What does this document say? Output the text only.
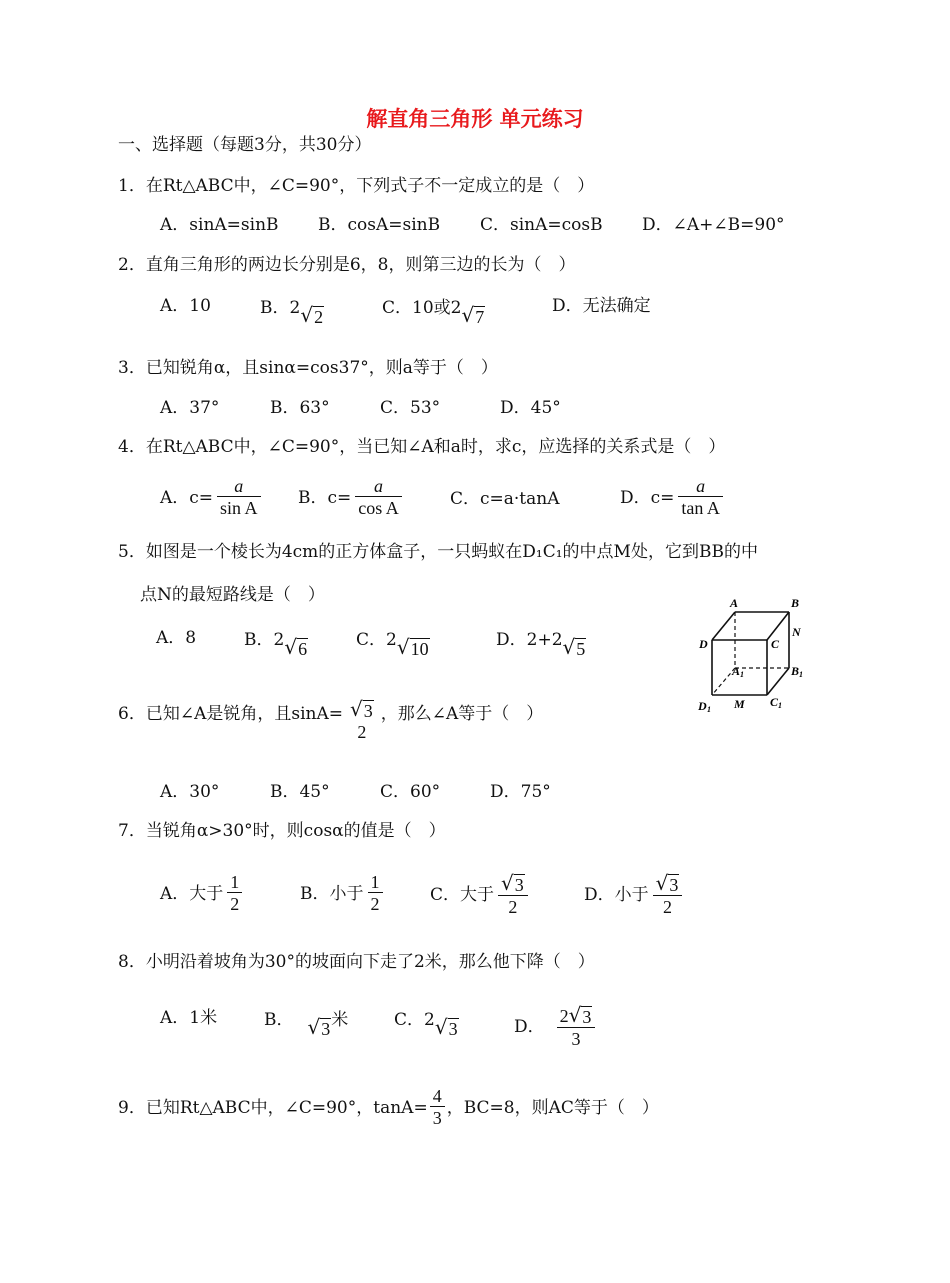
解直角三角形 单元练习
一、选择题（每题3分，共30分）
1．在Rt△ABC中，∠C=90°，下列式子不一定成立的是（　）
A．sinA=sinB B．cosA=sinB C．sinA=cosB D．∠A+∠B=90°
2．直角三角形的两边长分别是6，8，则第三边的长为（　）
A．10	B．2 √ 2	C．10或2 √ 7
D．无法确定
3．已知锐角α，且sinα=cos37°，则a等于（　）
A．37°	B．63°	C．53°	D．45°
4．在Rt△ABC中，∠C=90°，当已知∠A和a时，求c，应选择的关系式是（　）
A．$c= \frac{a}{\text{sin A}}$ B．$c= \frac{a}{\text{cos A}}$	C．c=a·tanA	D．$c= \frac{a}{\text{tan A}}$
5．如图是一个棱长为4cm的正方体盒子，一只蚂蚁在D₁C₁的中点M处，它到BB的中
点N的最短路线是（　）
A．8	B．2 √ 6	C．2 √ 10	D．2+2 √ 5
A	B
C
D
N
A 1	B 1
C 1
D 1 M
6． 已知∠A是锐角，且sinA= √ 3
2
，那么∠A等于（　）
A．30°	B．45°	C．60°	D．75°
7．当锐角α>30°时，则cosα的值是（　）
A．大于 $\frac{1}{2}$	B．小于 $\frac{1}{2}$	C．大于 $\frac{√ 3}{2}$	D．小于 $\frac{√ 3}{2}$
8．小明沿着坡角为30°的坡面向下走了2米，那么他下降（　）
A．1米	B． √ 3 米	C．2 √ 3	D． $\frac{2 √ 3}{3}$
9． 已知Rt△ABC中，∠C=90°，$\tan A= \frac{4}{3}$ ，BC=8，则AC等于（　）
